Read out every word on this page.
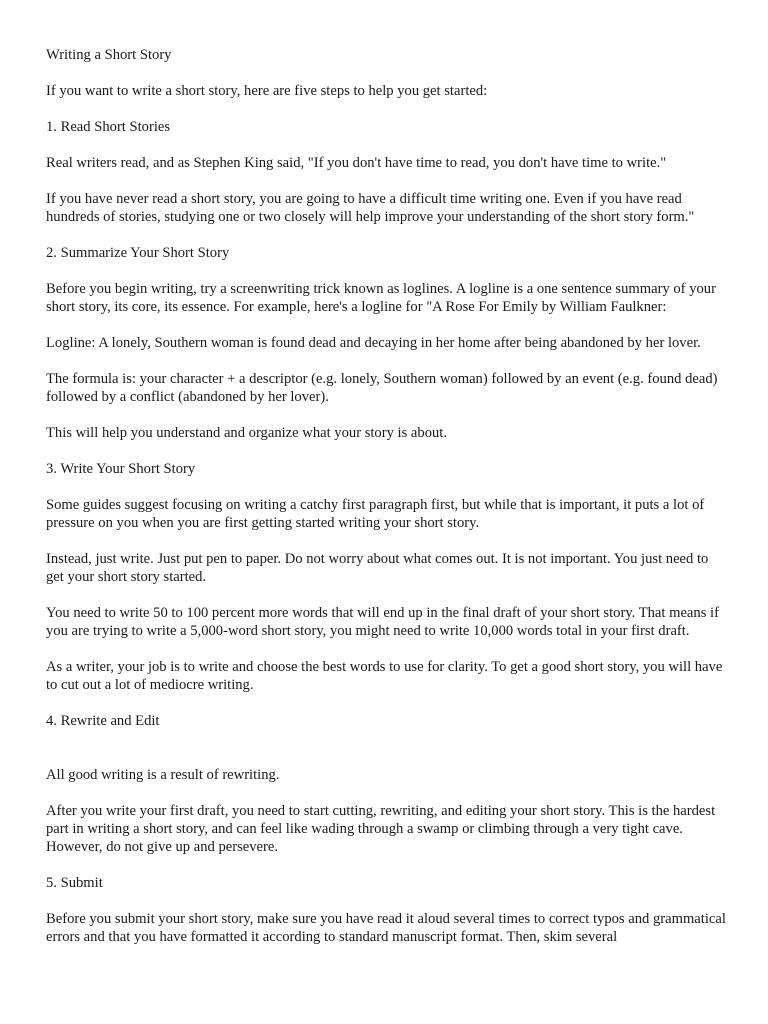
Writing a Short Story

If you want to write a short story, here are five steps to help you get started:

1. Read Short Stories

Real writers read, and as Stephen King said, "If you don't have time to read, you don't have time to write."

If you have never read a short story, you are going to have a difficult time writing one. Even if you have read hundreds of stories, studying one or two closely will help improve your understanding of the short story form."

2. Summarize Your Short Story

Before you begin writing, try a screenwriting trick known as loglines. A logline is a one sentence summary of your short story, its core, its essence. For example, here's a logline for "A Rose For Emily by William Faulkner:

Logline: A lonely, Southern woman is found dead and decaying in her home after being abandoned by her lover.

The formula is: your character + a descriptor (e.g. lonely, Southern woman) followed by an event (e.g. found dead) followed by a conflict (abandoned by her lover).

This will help you understand and organize what your story is about.

3. Write Your Short Story

Some guides suggest focusing on writing a catchy first paragraph first, but while that is important, it puts a lot of pressure on you when you are first getting started writing your short story.

Instead, just write. Just put pen to paper. Do not worry about what comes out. It is not important. You just need to get your short story started.

You need to write 50 to 100 percent more words that will end up in the final draft of your short story. That means if you are trying to write a 5,000-word short story, you might need to write 10,000 words total in your first draft.

As a writer, your job is to write and choose the best words to use for clarity. To get a good short story, you will have to cut out a lot of mediocre writing.

4. Rewrite and Edit

All good writing is a result of rewriting.

After you write your first draft, you need to start cutting, rewriting, and editing your short story. This is the hardest part in writing a short story, and can feel like wading through a swamp or climbing through a very tight cave. However, do not give up and persevere.

5. Submit

Before you submit your short story, make sure you have read it aloud several times to correct typos and grammatical errors and that you have formatted it according to standard manuscript format. Then, skim several
